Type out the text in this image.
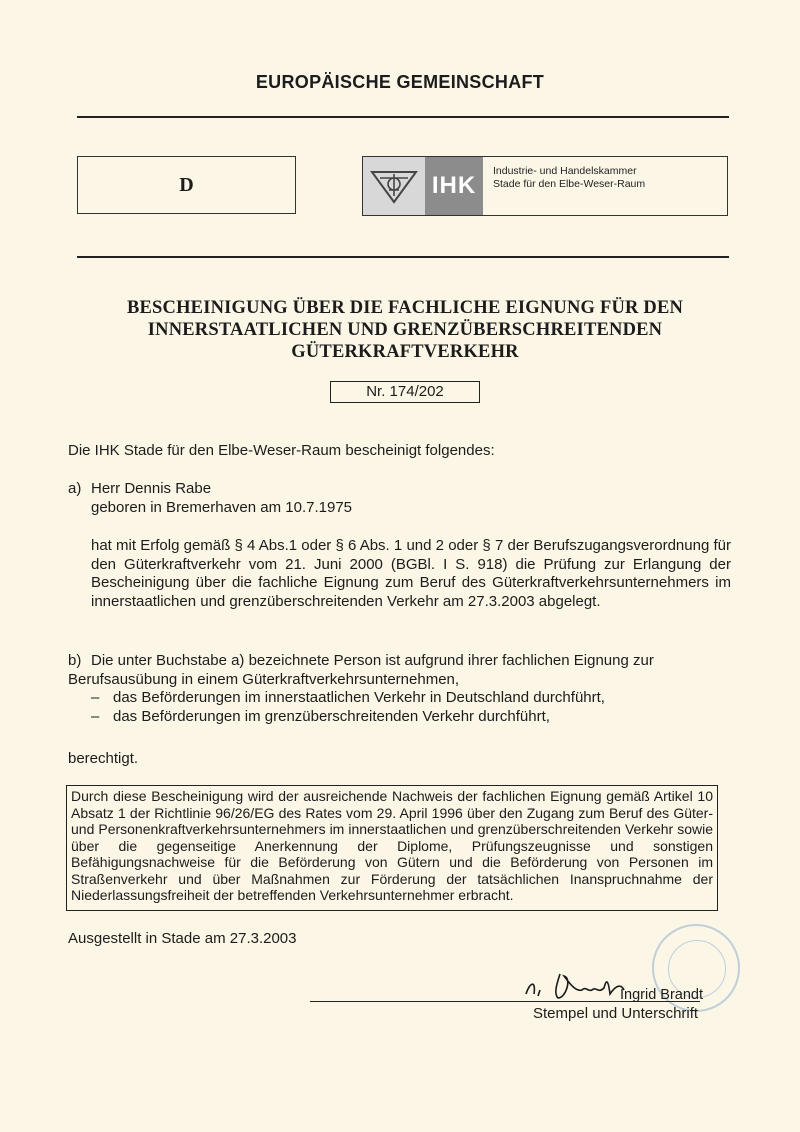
EUROPÄISCHE GEMEINSCHAFT
D	IHK
Industrie- und Handelskammer
Stade für den Elbe-Weser-Raum
BESCHEINIGUNG ÜBER DIE FACHLICHE EIGNUNG FÜR DEN
INNERSTAATLICHEN UND GRENZÜBERSCHREITENDEN
GÜTERKRAFTVERKEHR
Nr. 174/202
Die IHK Stade für den Elbe-Weser-Raum bescheinigt folgendes:
a) Herr Dennis Rabe
geboren in Bremerhaven am 10.7.1975
hat mit Erfolg gemäß § 4 Abs.1 oder § 6 Abs. 1 und 2 oder § 7 der Berufszugangsverordnung für den Güterkraftverkehr vom 21. Juni 2000 (BGBl. I S. 918) die Prüfung zur Erlangung der Bescheinigung über die fachliche Eignung zum Beruf des Güterkraftverkehrsunternehmers im innerstaatlichen und grenzüberschreitenden Verkehr am 27.3.2003 abgelegt.
b) Die unter Buchstabe a) bezeichnete Person ist aufgrund ihrer fachlichen Eignung zur
Berufsausübung in einem Güterkraftverkehrsunternehmen,
– das Beförderungen im innerstaatlichen Verkehr in Deutschland durchführt,
– das Beförderungen im grenzüberschreitenden Verkehr durchführt,
berechtigt.
Durch diese Bescheinigung wird der ausreichende Nachweis der fachlichen Eignung gemäß Artikel 10 Absatz 1 der Richtlinie 96/26/EG des Rates vom 29. April 1996 über den Zugang zum Beruf des Güter- und Personenkraftverkehrsunternehmers im innerstaatlichen und grenzüberschreitenden Verkehr sowie über die gegenseitige Anerkennung der Diplome, Prüfungszeugnisse und sonstigen Befähigungsnachweise für die Beförderung von Gütern und die Beförderung von Personen im Straßenverkehr und über Maßnahmen zur Förderung der tatsächlichen Inanspruchnahme der Niederlassungsfreiheit der betreffenden Verkehrsunternehmer erbracht.
Ausgestellt in Stade am 27.3.2003
Ingrid Brandt
Stempel und Unterschrift
